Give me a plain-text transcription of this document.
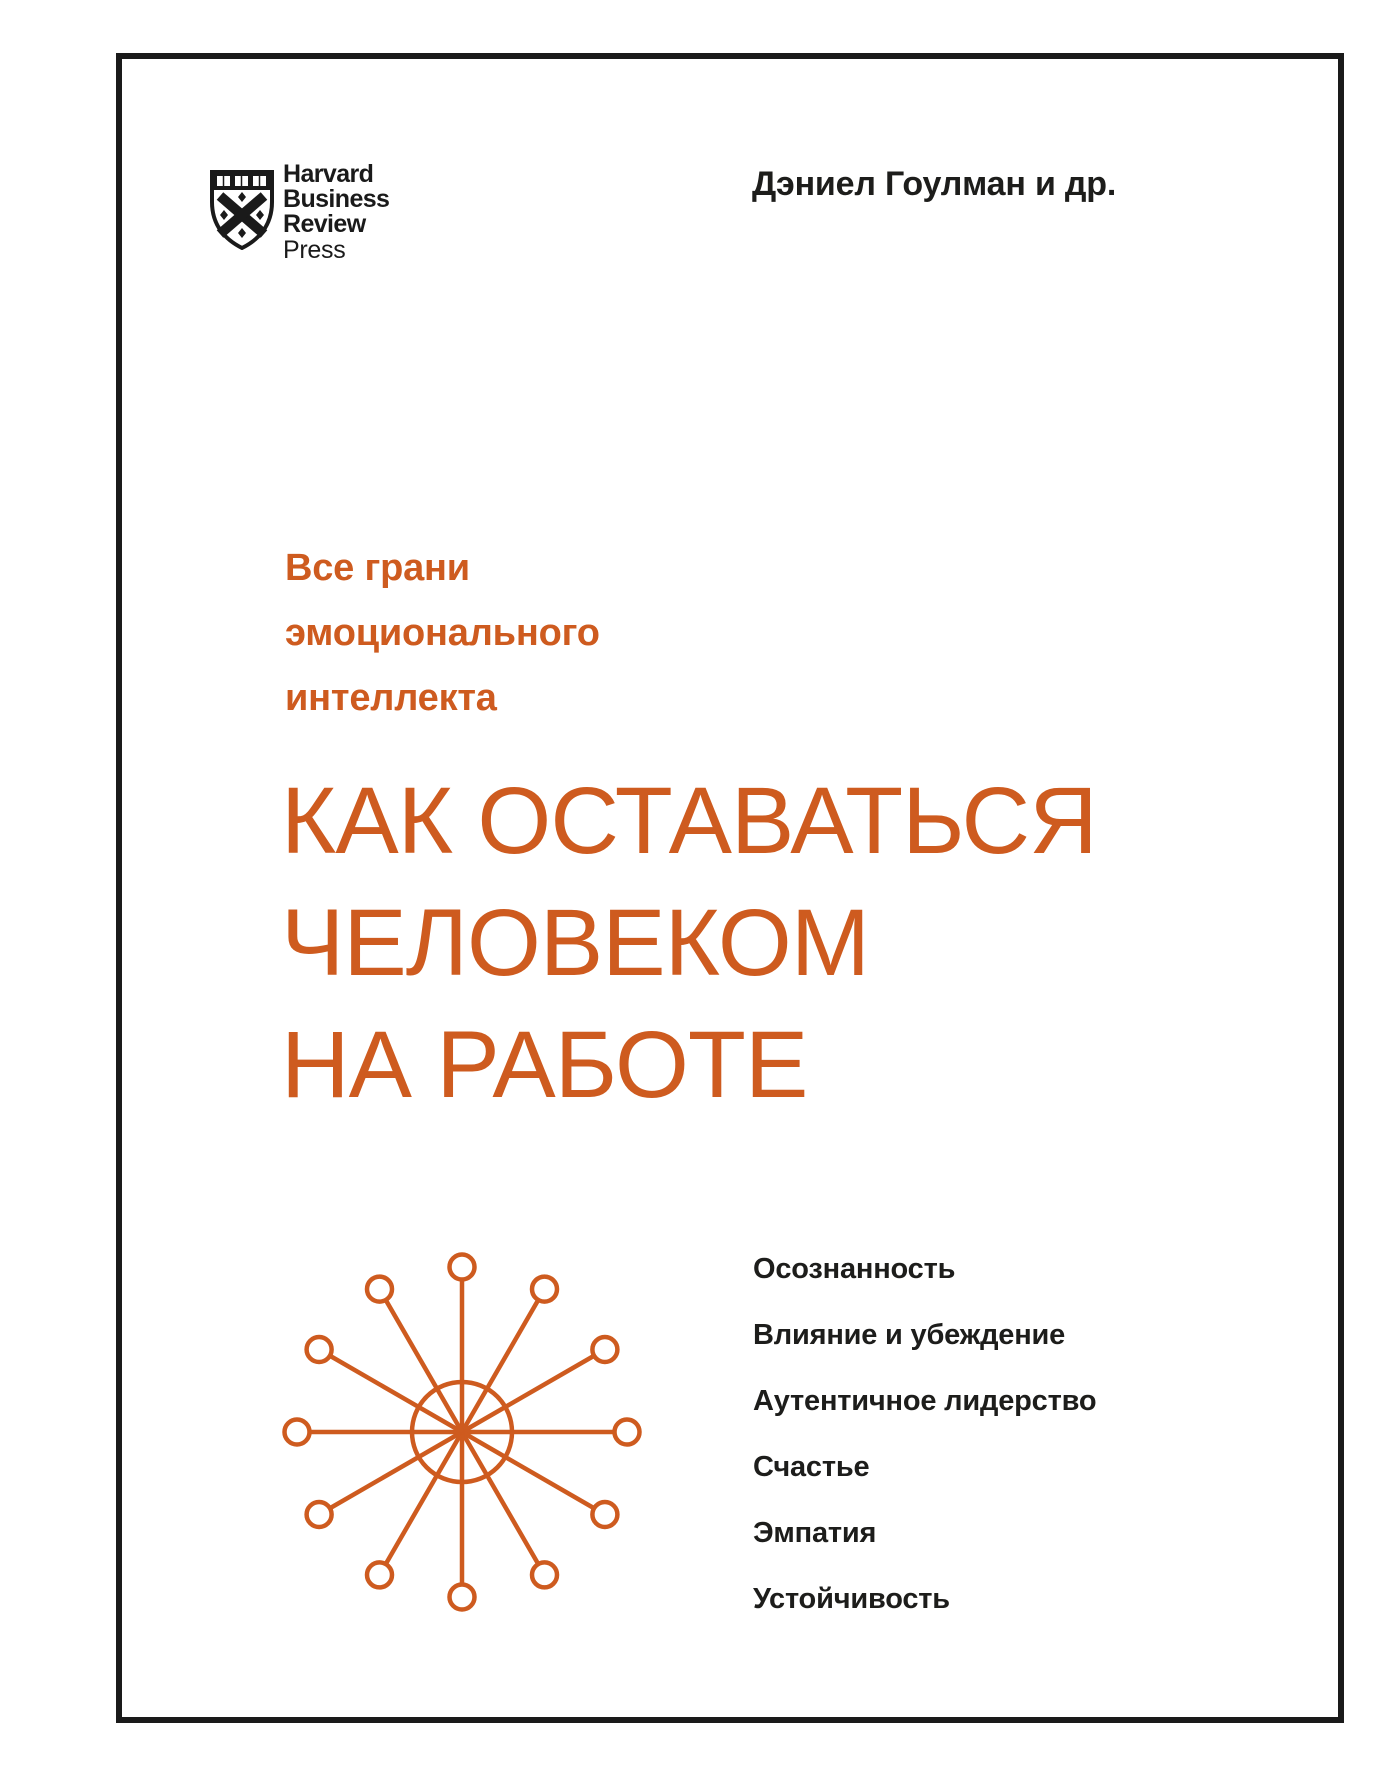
Harvard
Business
Review
Press
Дэниел Гоулман и др.
Все грани
эмоционального
интеллекта
КАК ОСТАВАТЬСЯ
ЧЕЛОВЕКОМ
НА РАБОТЕ
Осознанность
Влияние и убеждение
Аутентичное лидерство
Счастье
Эмпатия
Устойчивость
